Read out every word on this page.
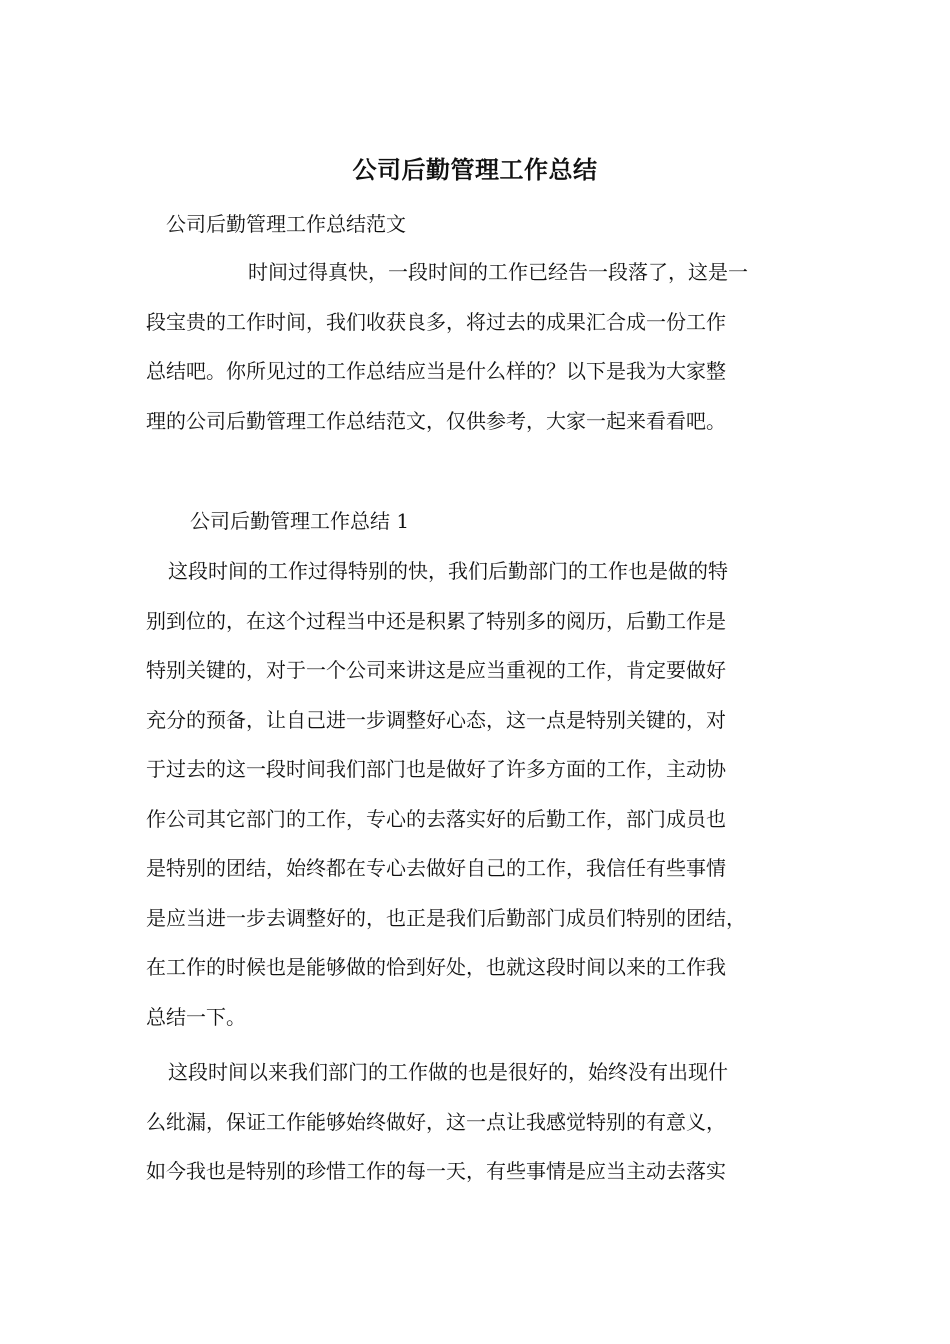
公司后勤管理工作总结
公司后勤管理工作总结范文
时间过得真快，一段时间的工作已经告一段落了，这是一
段宝贵的工作时间，我们收获良多，将过去的成果汇合成一份工作
总结吧。你所见过的工作总结应当是什么样的？以下是我为大家整
理的公司后勤管理工作总结范文，仅供参考，大家一起来看看吧。
公司后勤管理工作总结 1
这段时间的工作过得特别的快，我们后勤部门的工作也是做的特
别到位的，在这个过程当中还是积累了特别多的阅历，后勤工作是
特别关键的，对于一个公司来讲这是应当重视的工作，肯定要做好
充分的预备，让自己进一步调整好心态，这一点是特别关键的，对
于过去的这一段时间我们部门也是做好了许多方面的工作，主动协
作公司其它部门的工作，专心的去落实好的后勤工作，部门成员也
是特别的团结，始终都在专心去做好自己的工作，我信任有些事情
是应当进一步去调整好的，也正是我们后勤部门成员们特别的团结，
在工作的时候也是能够做的恰到好处，也就这段时间以来的工作我
总结一下。
这段时间以来我们部门的工作做的也是很好的，始终没有出现什
么纰漏，保证工作能够始终做好，这一点让我感觉特别的有意义，
如今我也是特别的珍惜工作的每一天，有些事情是应当主动去落实
